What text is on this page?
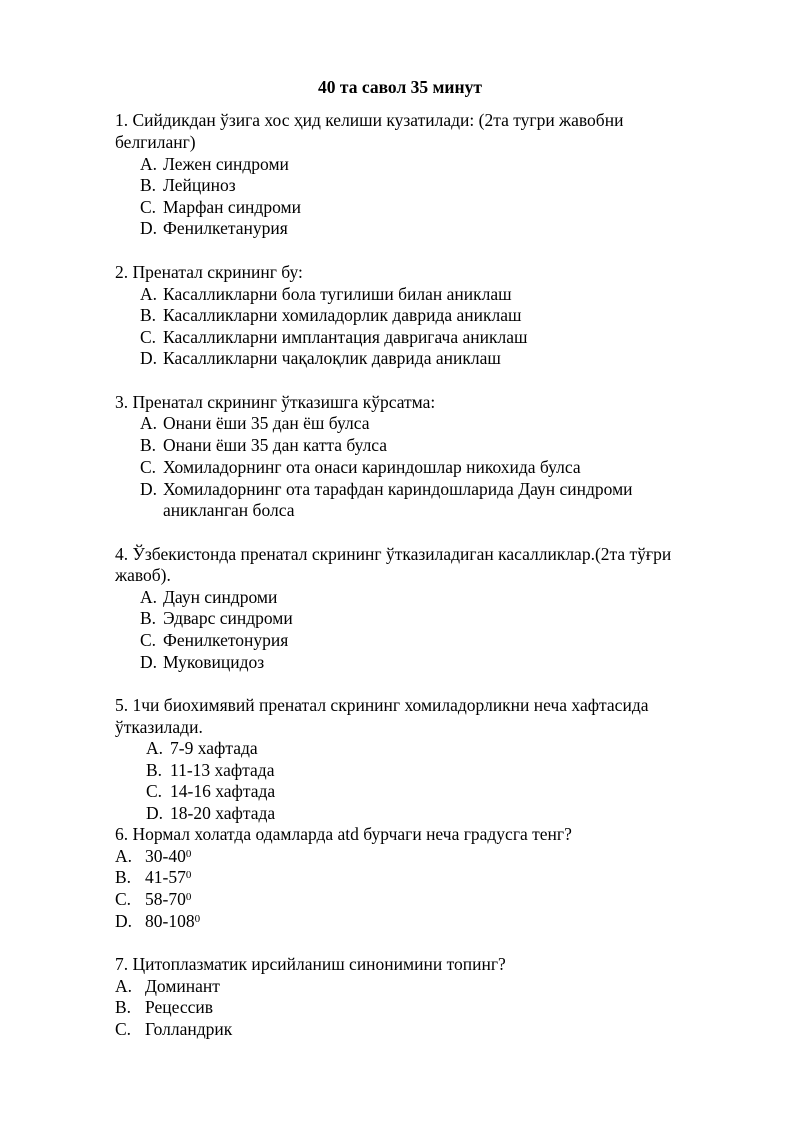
40 та савол 35 минут
1. Сийдикдан ўзига хос ҳид келиши кузатилади: (2та тугри жавобни
белгиланг)
A. Лежен синдроми
B. Лейциноз
C. Марфан синдроми
D. Фенилкетанурия
2. Пренатал скрининг бу:
A. Касалликларни бола тугилиши билан аниклаш
B. Касалликларни хомиладорлик даврида аниклаш
C. Касалликларни имплантация давригача аниклаш
D. Касалликларни чақалоқлик даврида аниклаш
3. Пренатал скрининг ўтказишга кўрсатма:
A. Онани ёши 35 дан ёш булса
B. Онани ёши 35 дан катта булса
C. Хомиладорнинг ота онаси кариндошлар никохида булса
D. Хомиладорнинг ота тарафдан кариндошларида Даун синдроми
аникланган болса
4. Ўзбекистонда пренатал скрининг ўтказиладиган касалликлар.(2та тўғри
жавоб).
A. Даун синдроми
B. Эдварс синдроми
C. Фенилкетонурия
D. Муковицидоз
5. 1чи биохимявий пренатал скрининг хомиладорликни неча хафтасида
ўтказилади.
A. 7-9 хафтада
B. 11-13 хафтада
C. 14-16 хафтада
D. 18-20 хафтада
6. Нормал холатда одамларда atd бурчаги неча градусга тенг?
A. $30-40^0$
B. $41-57^0$
C. $58-70^0$
D. $80-108^0$
7. Цитоплазматик ирсийланиш синонимини топинг?
A. Доминант
B. Рецессив
C. Голландрик
